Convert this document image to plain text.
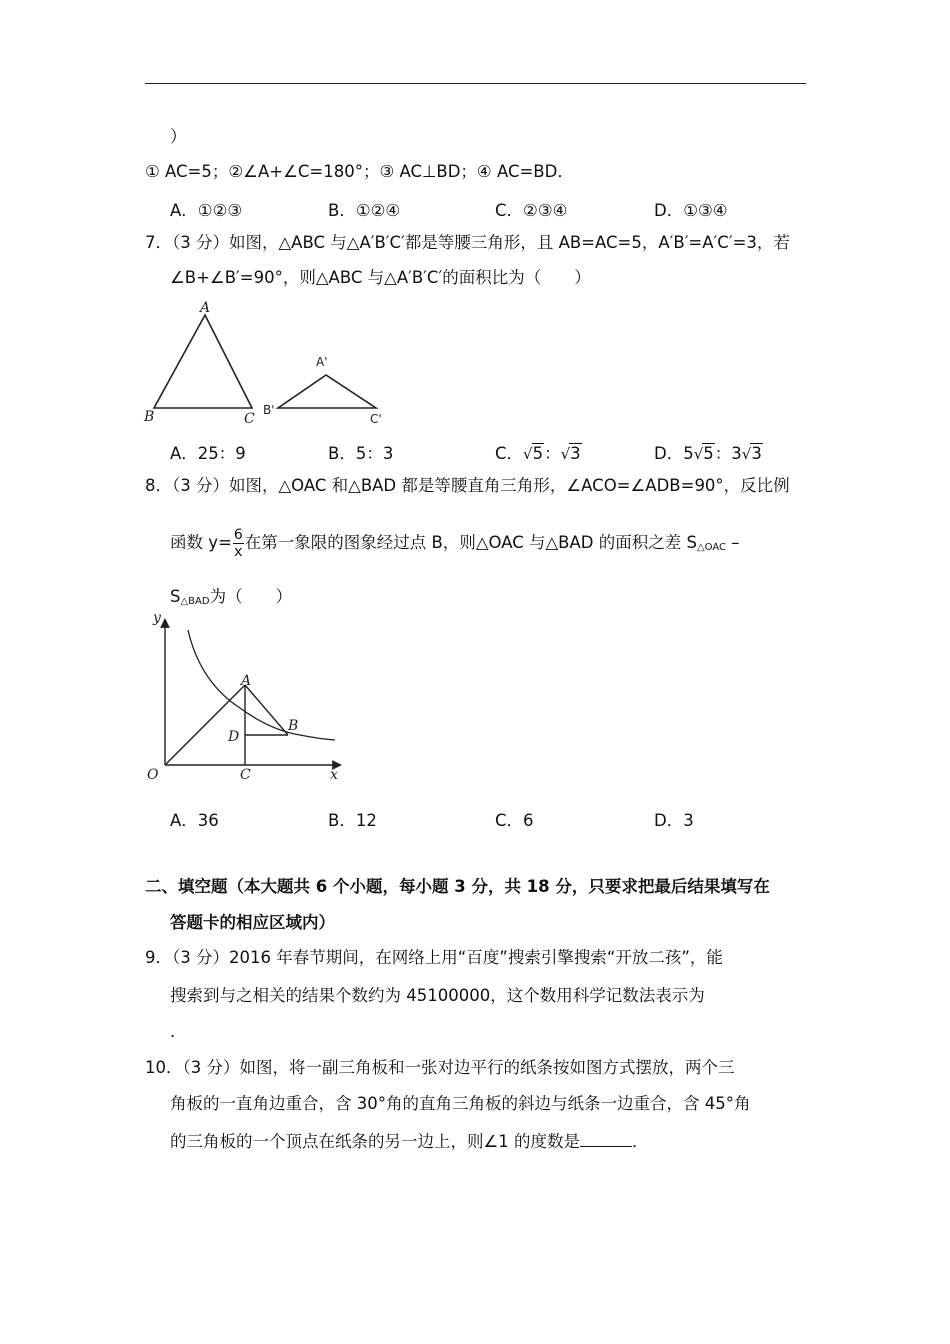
）
① AC=5；②∠A+∠C=180°；③ AC⊥BD；④ AC=BD．
A．①②③	B．①②④	C．②③④	D．①③④
7．（3 分）如图，△ABC 与△A′B′C′都是等腰三角形，且 AB=AC=5，A′B′=A′C′=3，若
∠B+∠B′=90°，则△ABC 与△A′B′C′的面积比为（　　）
A
B	C
A'
B'
C'
A．25：9	B．5：3	C．√5：√3	D．5√5：3√3
8．（3 分）如图，△OAC 和△BAD 都是等腰直角三角形，∠ACO=∠ADB=90°，反比例
函数 $y= \frac{6}{x}$ 在第一象限的图象经过点 B，则△OAC 与△BAD 的面积之差 $S_{\triangle OAC}$ –
$S_{\triangle BAD}$为（　　）
y
x
O
A
B
C
D
A．36	B．12	C．6	D．3
二、填空题（本大题共 6 个小题，每小题 3 分，共 18 分，只要求把最后结果填写在
答题卡的相应区域内）
9．（3 分）2016 年春节期间，在网络上用“百度”搜索引擎搜索“开放二孩”，能
搜索到与之相关的结果个数约为 45100000，这个数用科学记数法表示为
．
10．（3 分）如图，将一副三角板和一张对边平行的纸条按如图方式摆放，两个三
角板的一直角边重合，含 30°角的直角三角板的斜边与纸条一边重合，含 45°角
的三角板的一个顶点在纸条的另一边上，则∠1 的度数是	．
